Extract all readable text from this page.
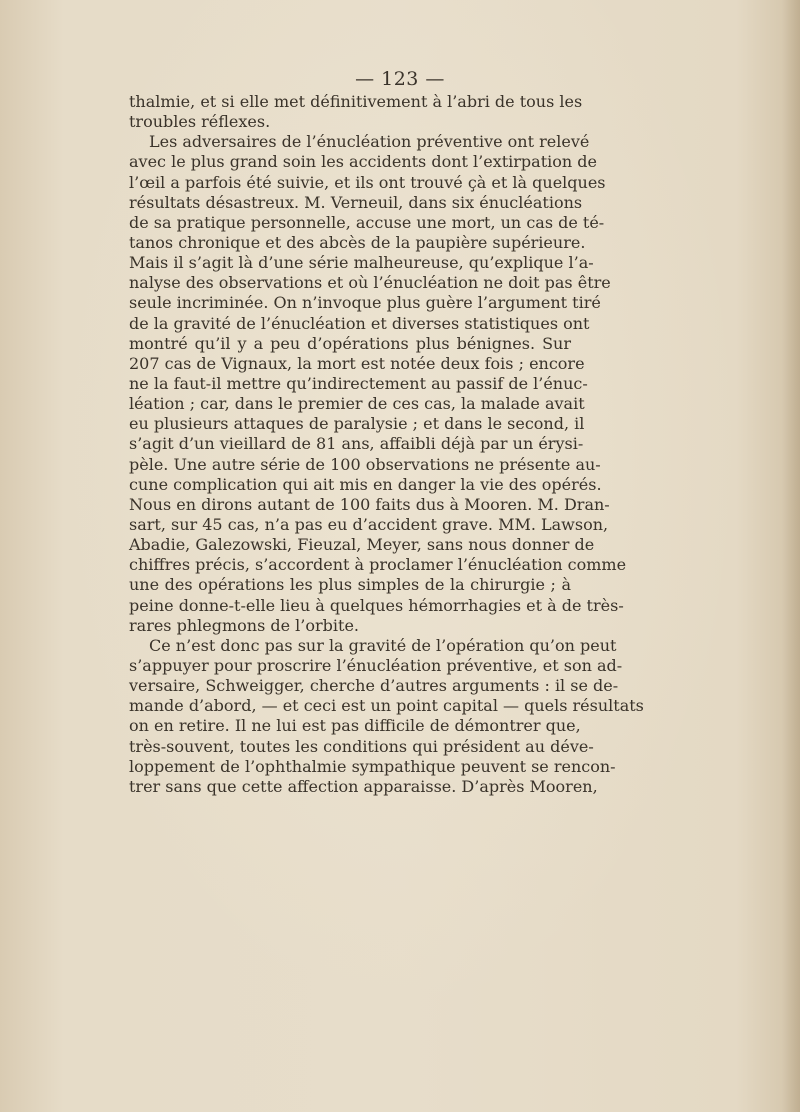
— 123 —
thalmie, et si elle met définitivement à l’abri de tous les
troubles réflexes.
Les adversaires de l’énucléation préventive ont relevé
avec le plus grand soin les accidents dont l’extirpation de
l’œil a parfois été suivie, et ils ont trouvé çà et là quelques
résultats désastreux. M. Verneuil, dans six énucléations
de sa pratique personnelle, accuse une mort, un cas de té-
tanos chronique et des abcès de la paupière supérieure.
Mais il s’agit là d’une série malheureuse, qu’explique l’a-
nalyse des observations et où l’énucléation ne doit pas être
seule incriminée. On n’invoque plus guère l’argument tiré
de la gravité de l’énucléation et diverses statistiques ont
montré qu’il y a peu d’opérations plus bénignes. Sur
207 cas de Vignaux, la mort est notée deux fois ; encore
ne la faut-il mettre qu’indirectement au passif de l’énuc-
léation ; car, dans le premier de ces cas, la malade avait
eu plusieurs attaques de paralysie ; et dans le second, il
s’agit d’un vieillard de 81 ans, affaibli déjà par un érysi-
pèle. Une autre série de 100 observations ne présente au-
cune complication qui ait mis en danger la vie des opérés.
Nous en dirons autant de 100 faits dus à Mooren. M. Dran-
sart, sur 45 cas, n’a pas eu d’accident grave. MM. Lawson,
Abadie, Galezowski, Fieuzal, Meyer, sans nous donner de
chiffres précis, s’accordent à proclamer l’énucléation comme
une des opérations les plus simples de la chirurgie ; à
peine donne-t-elle lieu à quelques hémorrhagies et à de très-
rares phlegmons de l’orbite.
Ce n’est donc pas sur la gravité de l’opération qu’on peut
s’appuyer pour proscrire l’énucléation préventive, et son ad-
versaire, Schweigger, cherche d’autres arguments : il se de-
mande d’abord, — et ceci est un point capital — quels résultats
on en retire. Il ne lui est pas difficile de démontrer que,
très-souvent, toutes les conditions qui président au déve-
loppement de l’ophthalmie sympathique peuvent se rencon-
trer sans que cette affection apparaisse. D’après Mooren,
